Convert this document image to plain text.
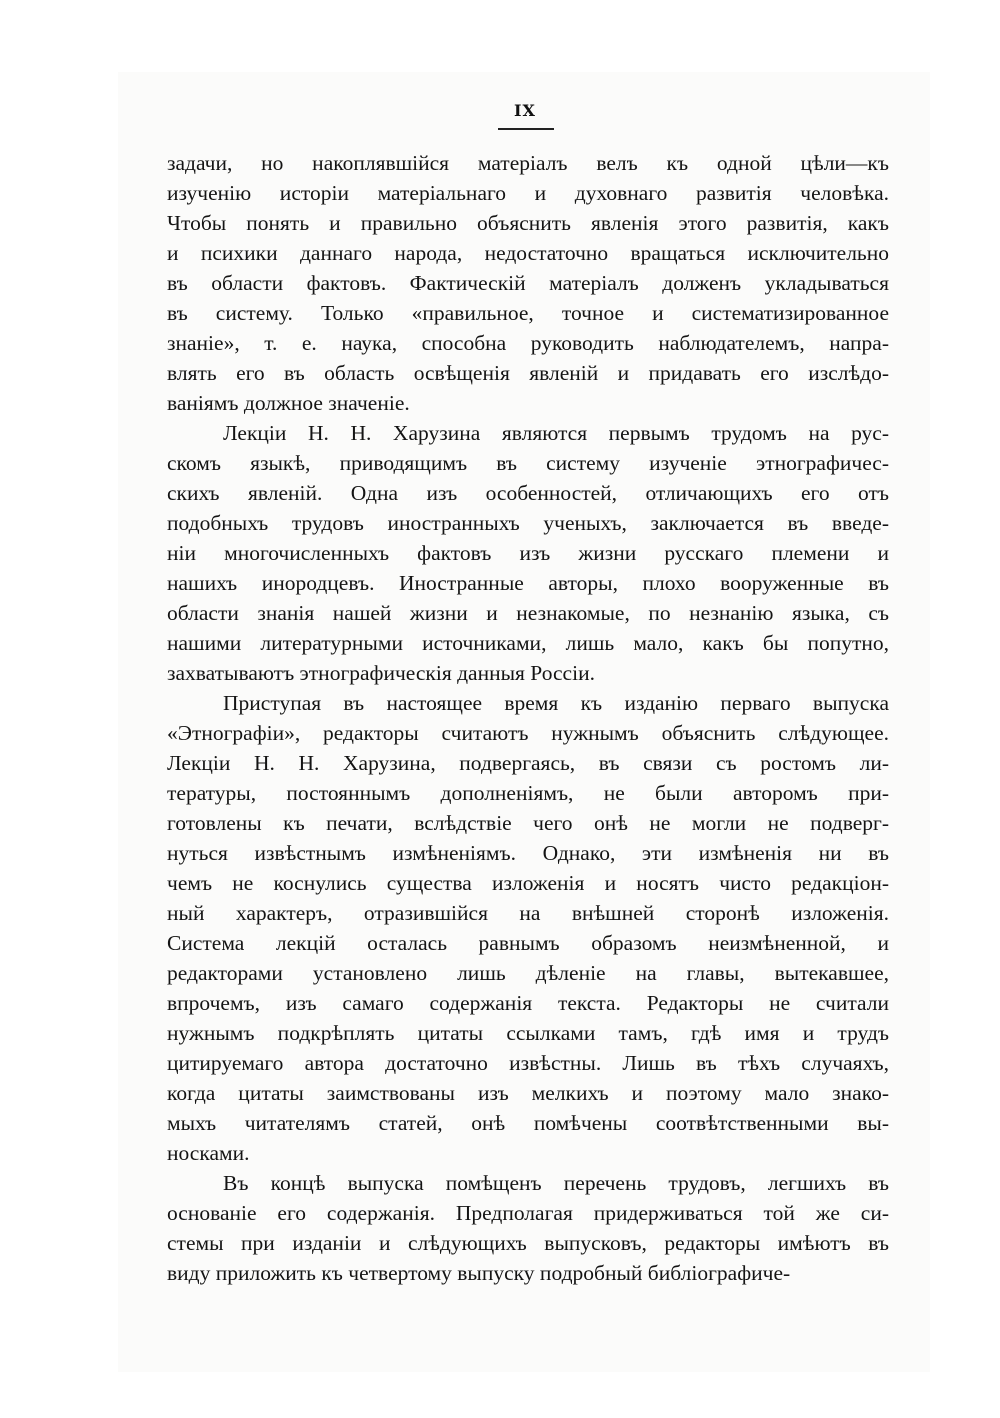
IX
задачи, но накоплявшійся матеріалъ велъ къ одной цѣли—къ
изученію исторіи матеріальнаго и духовнаго развитія человѣка.
Чтобы понять и правильно объяснить явленія этого развитія, какъ
и психики даннаго народа, недостаточно вращаться исключительно
въ области фактовъ. Фактическій матеріалъ долженъ укладываться
въ систему. Только «правильное, точное и систематизированное
знаніе», т. е. наука, способна руководить наблюдателемъ, напра-
влять его въ область освѣщенія явленій и придавать его изслѣдо-
ваніямъ должное значеніе.
Лекціи Н. Н. Харузина являются первымъ трудомъ на рус-
скомъ языкѣ, приводящимъ въ систему изученіе этнографичес-
скихъ явленій. Одна изъ особенностей, отличающихъ его отъ
подобныхъ трудовъ иностранныхъ ученыхъ, заключается въ введе-
ніи многочисленныхъ фактовъ изъ жизни русскаго племени и
нашихъ инородцевъ. Иностранные авторы, плохо вооруженные въ
области знанія нашей жизни и незнакомые, по незнанію языка, съ
нашими литературными источниками, лишь мало, какъ бы попутно,
захватываютъ этнографическія данныя Россіи.
Приступая въ настоящее время къ изданію перваго выпуска
«Этнографіи», редакторы считаютъ нужнымъ объяснить слѣдующее.
Лекціи Н. Н. Харузина, подвергаясь, въ связи съ ростомъ ли-
тературы, постояннымъ дополненіямъ, не были авторомъ при-
готовлены къ печати, вслѣдствіе чего онѣ не могли не подверг-
нуться извѣстнымъ измѣненіямъ. Однако, эти измѣненія ни въ
чемъ не коснулись существа изложенія и носятъ чисто редакціон-
ный характеръ, отразившійся на внѣшней сторонѣ изложенія.
Система лекцій осталась равнымъ образомъ неизмѣненной, и
редакторами установлено лишь дѣленіе на главы, вытекавшее,
впрочемъ, изъ самаго содержанія текста. Редакторы не считали
нужнымъ подкрѣплять цитаты ссылками тамъ, гдѣ имя и трудъ
цитируемаго автора достаточно извѣстны. Лишь въ тѣхъ случаяхъ,
когда цитаты заимствованы изъ мелкихъ и поэтому мало знако-
мыхъ читателямъ статей, онѣ помѣчены соотвѣтственными вы-
носками.
Въ концѣ выпуска помѣщенъ перечень трудовъ, легшихъ въ
основаніе его содержанія. Предполагая придерживаться той же си-
стемы при изданіи и слѣдующихъ выпусковъ, редакторы имѣютъ въ
виду приложить къ четвертому выпуску подробный библіографиче-
